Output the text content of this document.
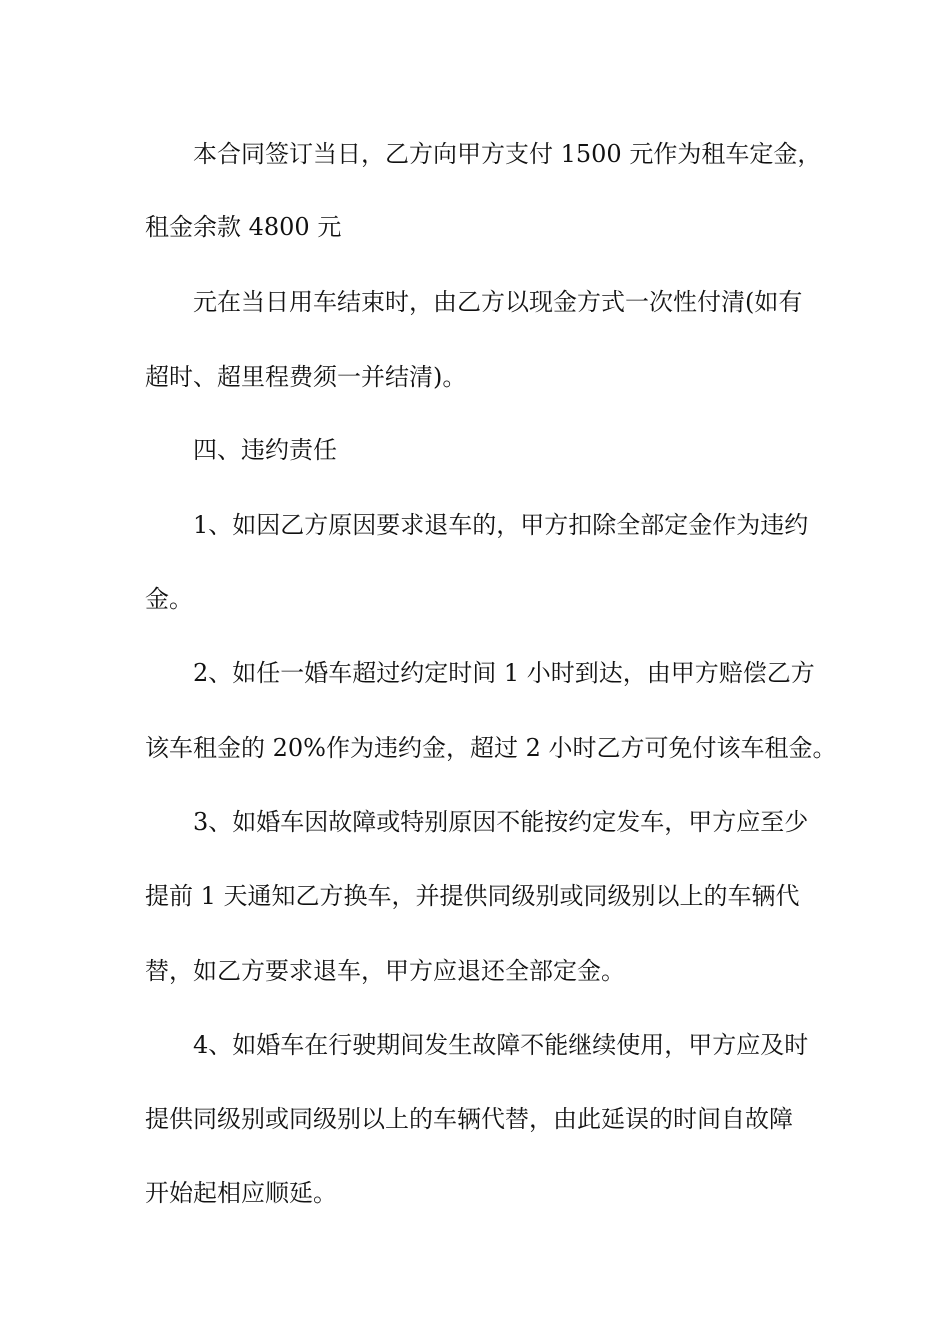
本合同签订当日，乙方向甲方支付 1500 元作为租车定金，
租金余款 4800 元
元在当日用车结束时，由乙方以现金方式一次性付清(如有
超时、超里程费须一并结清)。
四、违约责任
1、如因乙方原因要求退车的，甲方扣除全部定金作为违约
金。
2、如任一婚车超过约定时间 1 小时到达，由甲方赔偿乙方
该车租金的 20%作为违约金，超过 2 小时乙方可免付该车租金。
3、如婚车因故障或特别原因不能按约定发车，甲方应至少
提前 1 天通知乙方换车，并提供同级别或同级别以上的车辆代
替，如乙方要求退车，甲方应退还全部定金。
4、如婚车在行驶期间发生故障不能继续使用，甲方应及时
提供同级别或同级别以上的车辆代替，由此延误的时间自故障
开始起相应顺延。
